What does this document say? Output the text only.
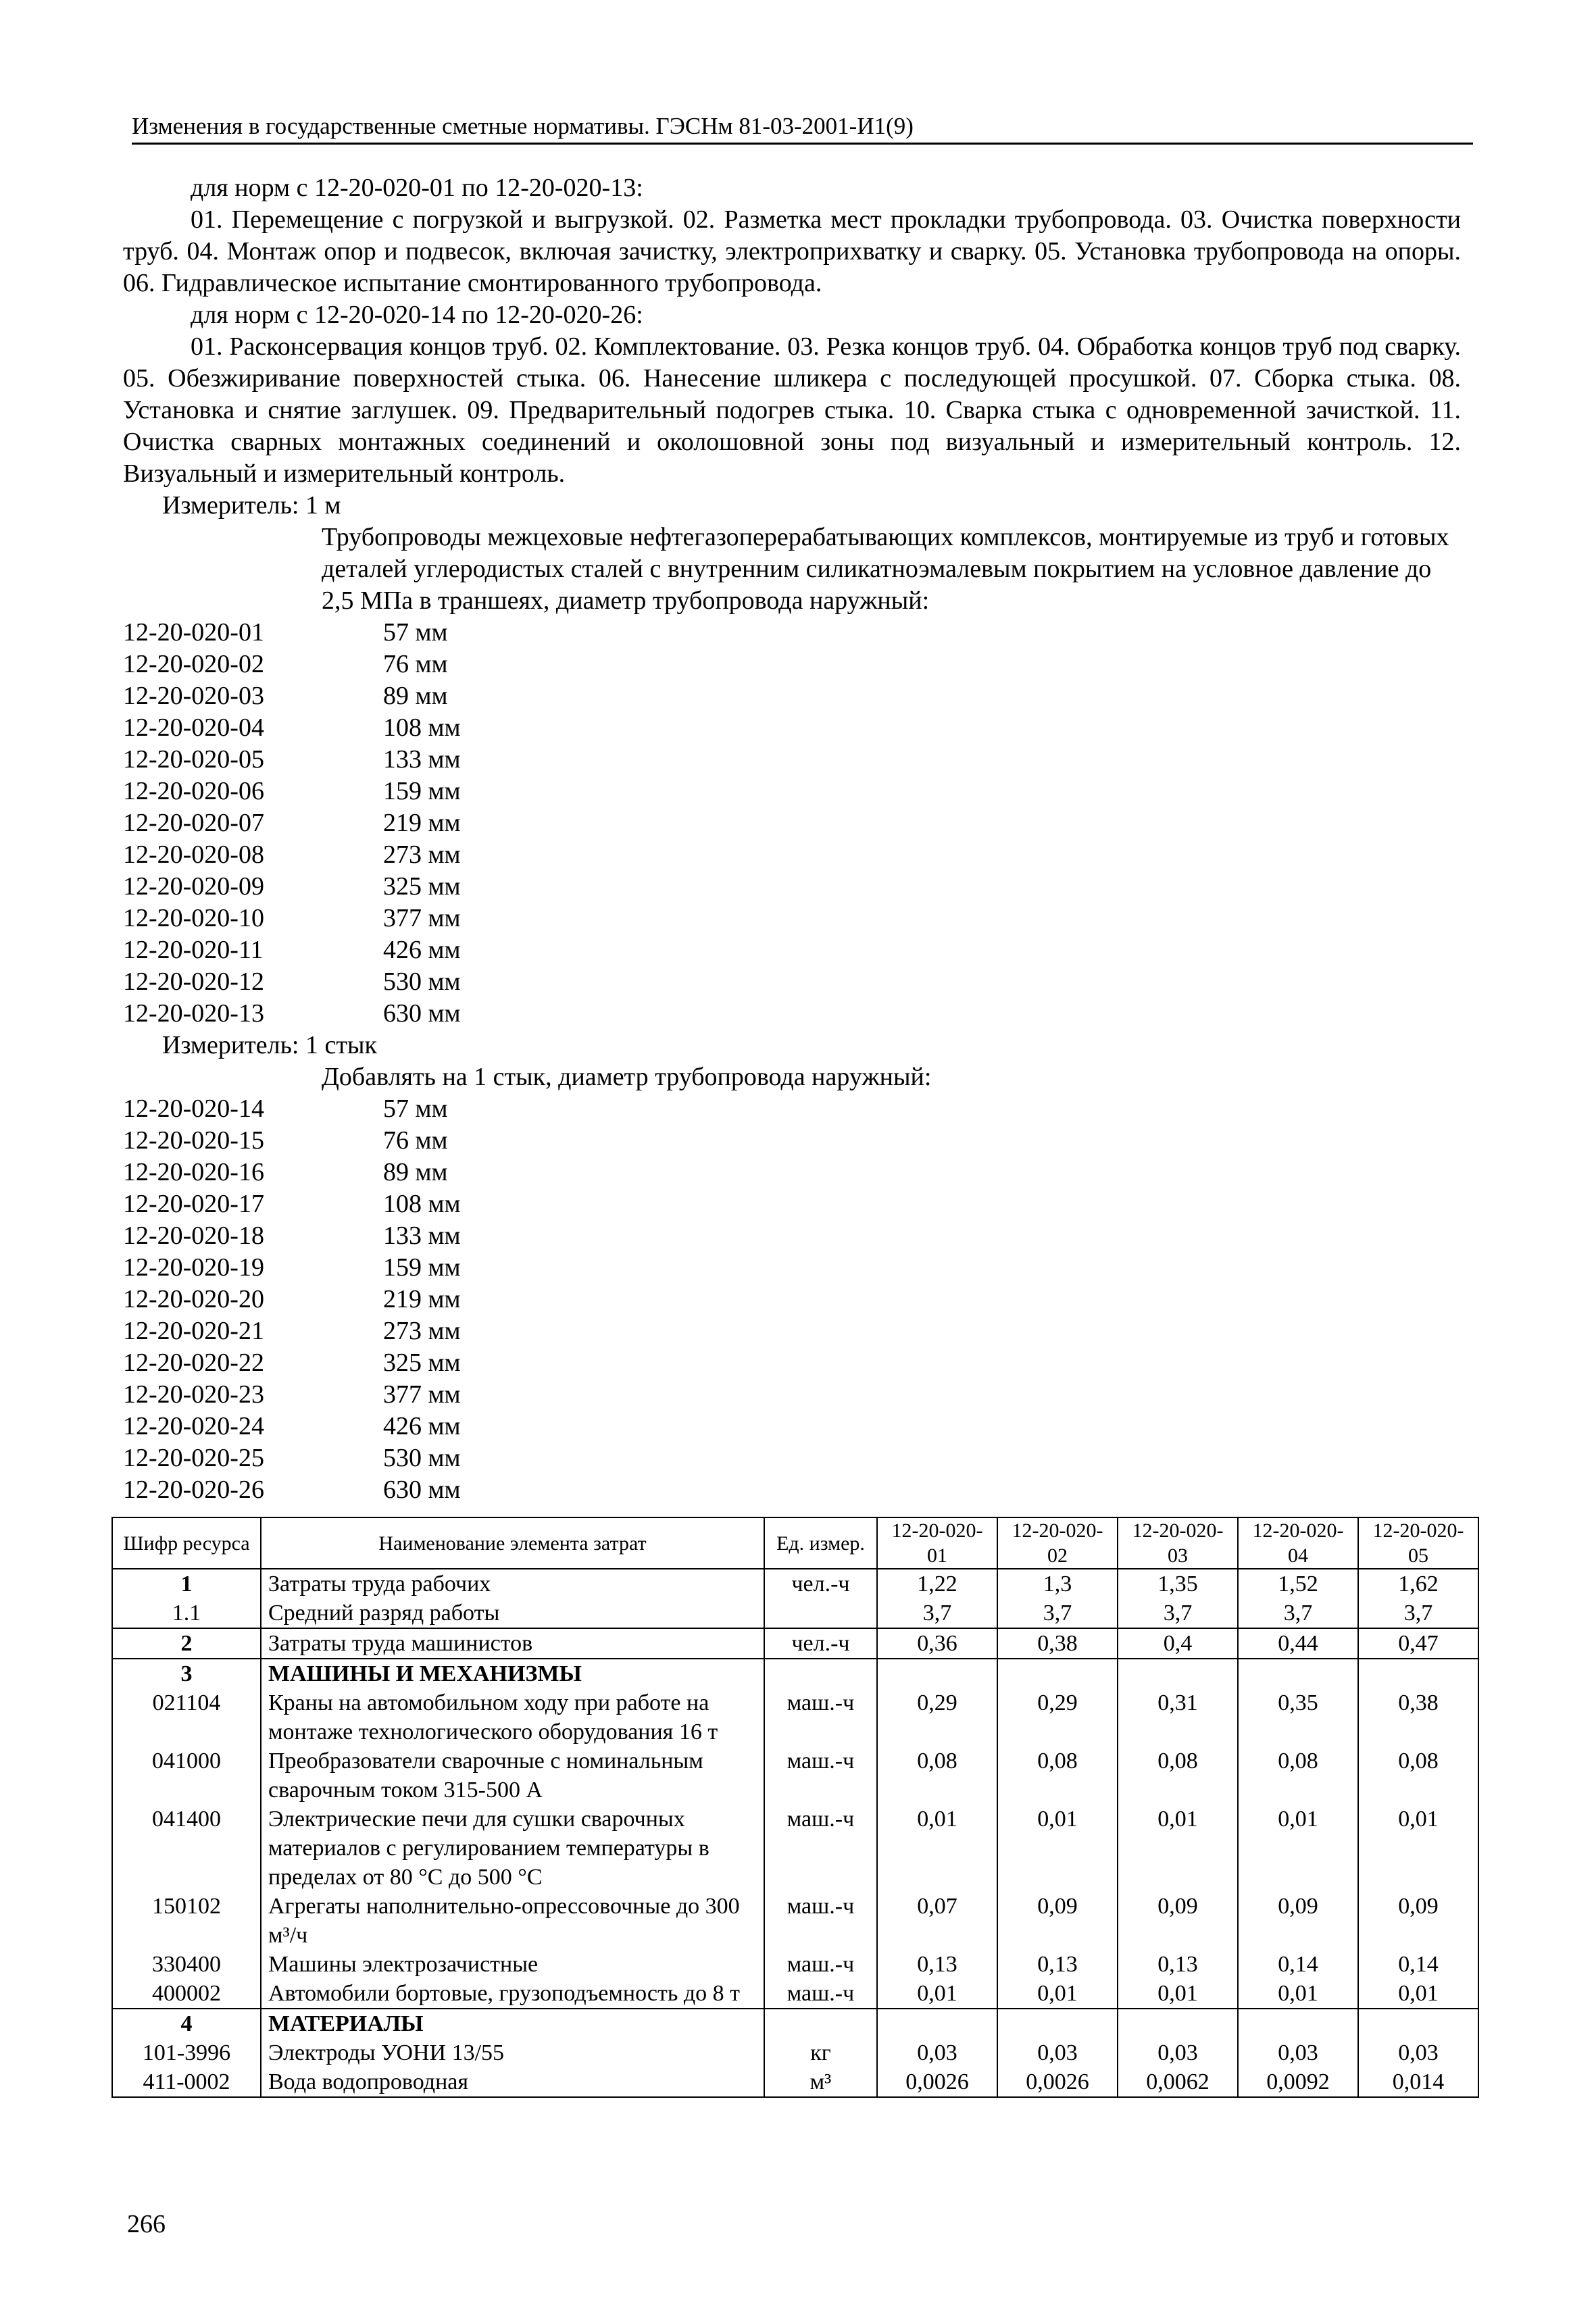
Изменения в государственные сметные нормативы. ГЭСНм 81-03-2001-И1(9)

для норм с 12-20-020-01 по 12-20-020-13:

01. Перемещение с погрузкой и выгрузкой. 02. Разметка мест прокладки трубопровода. 03. Очистка поверхности труб. 04. Монтаж опор и подвесок, включая зачистку, электроприхватку и сварку. 05. Установка трубопровода на опоры. 06. Гидравлическое испытание смонтированного трубопровода.

для норм с 12-20-020-14 по 12-20-020-26:

01. Расконсервация концов труб. 02. Комплектование. 03. Резка концов труб. 04. Обработка концов труб под сварку. 05. Обезжиривание поверхностей стыка. 06. Нанесение шликера с последующей просушкой. 07. Сборка стыка. 08. Установка и снятие заглушек. 09. Предварительный подогрев стыка. 10. Сварка стыка с одновременной зачисткой. 11. Очистка сварных монтажных соединений и околошовной зоны под визуальный и измерительный контроль. 12. Визуальный и измерительный контроль.

Измеритель: 1 м

Трубопроводы межцеховые нефтегазоперерабатывающих комплексов, монтируемые из труб и готовых деталей углеродистых сталей с внутренним силикатноэмалевым покрытием на условное давление до 2,5 МПа в траншеях, диаметр трубопровода наружный:

12-20-020-01	57 мм
12-20-020-02	76 мм
12-20-020-03	89 мм
12-20-020-04	108 мм
12-20-020-05	133 мм
12-20-020-06	159 мм
12-20-020-07	219 мм
12-20-020-08	273 мм
12-20-020-09	325 мм
12-20-020-10	377 мм
12-20-020-11	426 мм
12-20-020-12	530 мм
12-20-020-13	630 мм

Измеритель: 1 стык

Добавлять на 1 стык, диаметр трубопровода наружный:

12-20-020-14	57 мм
12-20-020-15	76 мм
12-20-020-16	89 мм
12-20-020-17	108 мм
12-20-020-18	133 мм
12-20-020-19	159 мм
12-20-020-20	219 мм
12-20-020-21	273 мм
12-20-020-22	325 мм
12-20-020-23	377 мм
12-20-020-24	426 мм
12-20-020-25	530 мм
12-20-020-26	630 мм
Шифр ресурса	Наименование элемента затрат	Ед. измер.	12-20-020-01	12-20-020-02	12-20-020-03	12-20-020-04	12-20-020-05
1	Затраты труда рабочих	чел.-ч	1,22	1,3	1,35	1,52	1,62
1.1	Средний разряд работы		3,7	3,7	3,7	3,7	3,7
2	Затраты труда машинистов	чел.-ч	0,36	0,38	0,4	0,44	0,47
3	МАШИНЫ И МЕХАНИЗМЫ						
021104	Краны на автомобильном ходу при работе на монтаже технологического оборудования 16 т	маш.-ч	0,29	0,29	0,31	0,35	0,38
041000	Преобразователи сварочные с номинальным сварочным током 315-500 А	маш.-ч	0,08	0,08	0,08	0,08	0,08
041400	Электрические печи для сушки сварочных материалов с регулированием температуры в пределах от 80 °С до 500 °С	маш.-ч	0,01	0,01	0,01	0,01	0,01
150102	Агрегаты наполнительно-опрессовочные до 300 м³/ч	маш.-ч	0,07	0,09	0,09	0,09	0,09
330400	Машины электрозачистные	маш.-ч	0,13	0,13	0,13	0,14	0,14
400002	Автомобили бортовые, грузоподъемность до 8 т	маш.-ч	0,01	0,01	0,01	0,01	0,01
4	МАТЕРИАЛЫ						
101-3996	Электроды УОНИ 13/55	кг	0,03	0,03	0,03	0,03	0,03
411-0002	Вода водопроводная	м³	0,0026	0,0026	0,0062	0,0092	0,014
266
